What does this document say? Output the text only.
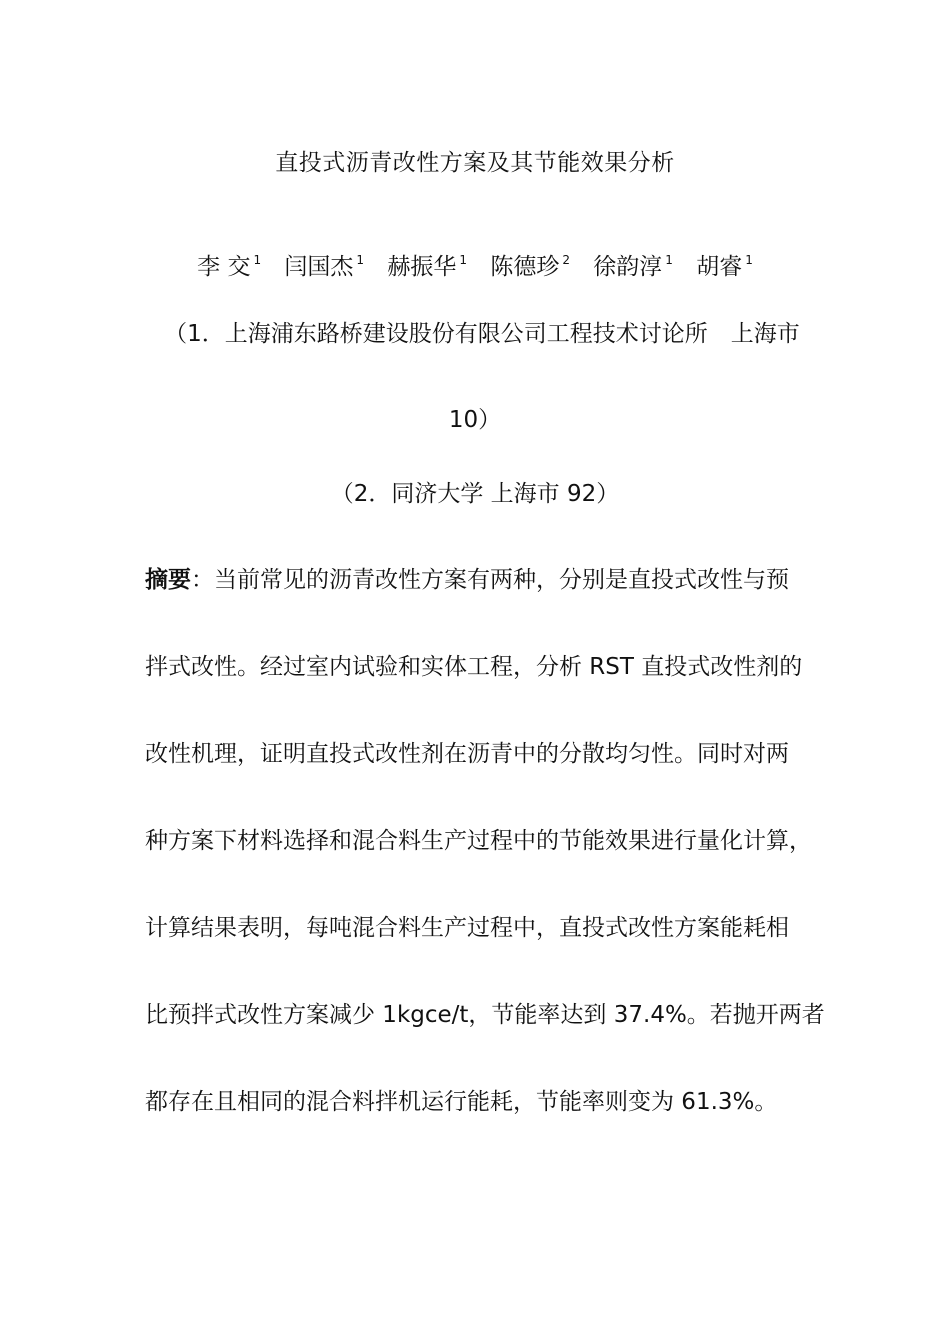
直投式沥青改性方案及其节能效果分析
李 交 $^1$ 闫国杰 $^1$ 赫振华 $^1$ 陈德珍 $^2$ 徐韵淳 $^1$ 胡睿 $^1$
（1．上海浦东路桥建设股份有限公司工程技术讨论所　上海市
10）
（2．同济大学 上海市 92）
摘要：当前常见的沥青改性方案有两种，分别是直投式改性与预
拌式改性。经过室内试验和实体工程，分析 RST 直投式改性剂的
改性机理，证明直投式改性剂在沥青中的分散均匀性。同时对两
种方案下材料选择和混合料生产过程中的节能效果进行量化计算，
计算结果表明，每吨混合料生产过程中，直投式改性方案能耗相
比预拌式改性方案减少 1kgce/t，节能率达到 37.4%。若抛开两者
都存在且相同的混合料拌机运行能耗，节能率则变为 61.3%。
